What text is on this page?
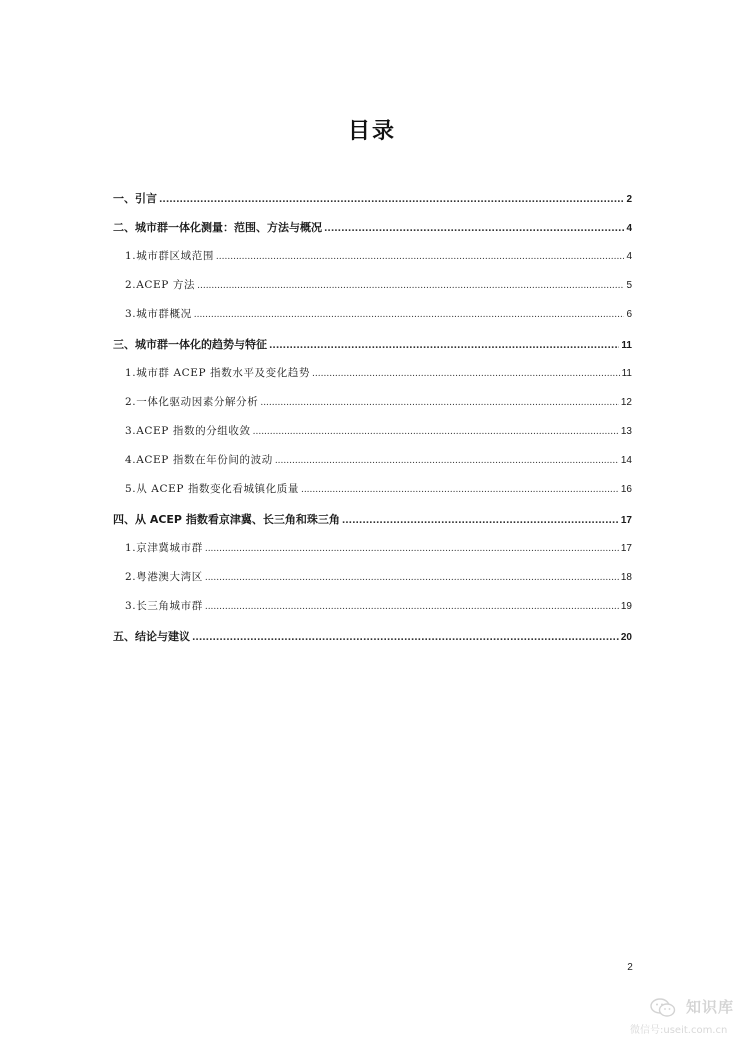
目录
一、引言 .....	2
二、城市群一体化测量：范围、方法与概况 .....	4
1.城市群区域范围 .....	4
2.ACEP 方法 .....	5
3.城市群概况 .....	6
三、城市群一体化的趋势与特征 .....	11
1.城市群 ACEP 指数水平及变化趋势 .....	11
2.一体化驱动因素分解分析 .....	12
3.ACEP 指数的分组收敛 .....	13
4.ACEP 指数在年份间的波动 .....	14
5.从 ACEP 指数变化看城镇化质量 .....	16
四、从 ACEP 指数看京津冀、长三角和珠三角 .....	17
1.京津冀城市群 .....	17
2.粤港澳大湾区 .....	18
3.长三角城市群 .....	19
五、结论与建议 .....	20
2
知识库
微信号:useit.com.cn
